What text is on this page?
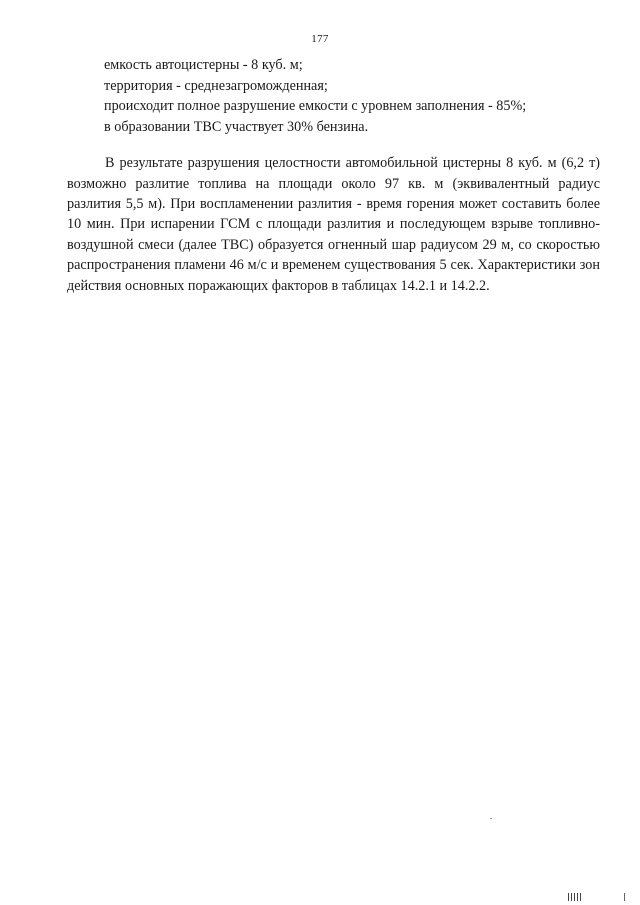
177

емкость автоцистерны - 8 куб. м;

территория - среднезагроможденная;

происходит полное разрушение емкости с уровнем заполнения - 85%;

в образовании ТВС участвует 30% бензина.

В результате разрушения целостности автомобильной цистерны 8 куб. м (6,2 т) возможно разлитие топлива на площади около 97 кв. м (эквивалентный радиус разлития 5,5 м). При воспламенении разлития - время горения может составить более 10 мин. При испарении ГСМ с площади разлития и последующем взрыве топливно-воздушной смеси (далее ТВС) образуется огненный шар радиусом 29 м, со скоростью распространения пламени 46 м/с и временем существования 5 сек. Характеристики зон действия основных поражающих факторов в таблицах 14.2.1 и 14.2.2.
